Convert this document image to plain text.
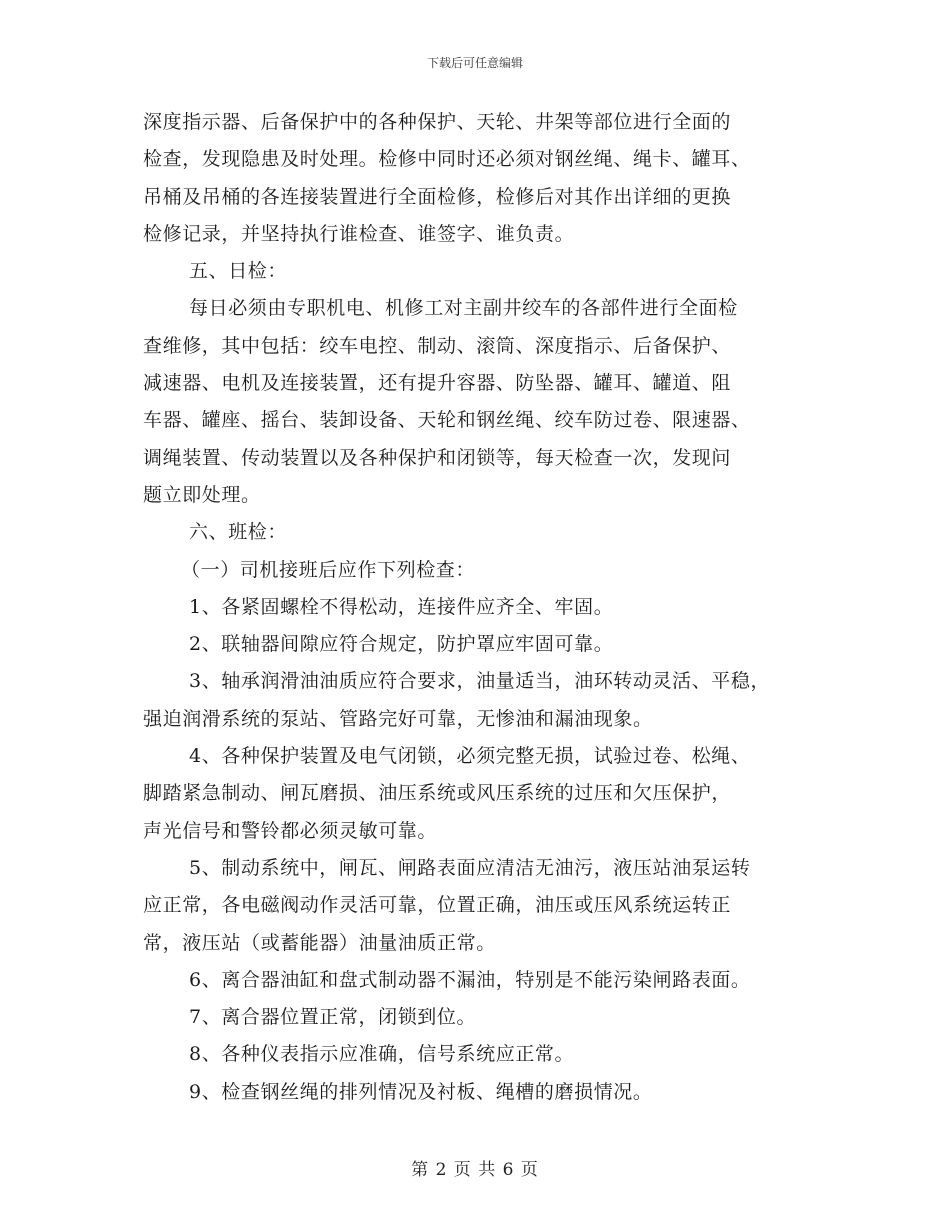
下载后可任意编辑
深度指示器、后备保护中的各种保护、天轮、井架等部位进行全面的
检查，发现隐患及时处理。检修中同时还必须对钢丝绳、绳卡、罐耳、
吊桶及吊桶的各连接装置进行全面检修，检修后对其作出详细的更换
检修记录，并坚持执行谁检查、谁签字、谁负责。
五、日检：
每日必须由专职机电、机修工对主副井绞车的各部件进行全面检
查维修，其中包括：绞车电控、制动、滚筒、深度指示、后备保护、
减速器、电机及连接装置，还有提升容器、防坠器、罐耳、罐道、阻
车器、罐座、摇台、装卸设备、天轮和钢丝绳、绞车防过卷、限速器、
调绳装置、传动装置以及各种保护和闭锁等，每天检查一次，发现问
题立即处理。
六、班检：
（一）司机接班后应作下列检查：
1、各紧固螺栓不得松动，连接件应齐全、牢固。
2、联轴器间隙应符合规定，防护罩应牢固可靠。
3、轴承润滑油油质应符合要求，油量适当，油环转动灵活、平稳，
强迫润滑系统的泵站、管路完好可靠，无惨油和漏油现象。
4、各种保护装置及电气闭锁，必须完整无损，试验过卷、松绳、
脚踏紧急制动、闸瓦磨损、油压系统或风压系统的过压和欠压保护，
声光信号和警铃都必须灵敏可靠。
5、制动系统中，闸瓦、闸路表面应清洁无油污，液压站油泵运转
应正常，各电磁阀动作灵活可靠，位置正确，油压或压风系统运转正
常，液压站（或蓄能器）油量油质正常。
6、离合器油缸和盘式制动器不漏油，特别是不能污染闸路表面。
7、离合器位置正常，闭锁到位。
8、各种仪表指示应准确，信号系统应正常。
9、检查钢丝绳的排列情况及衬板、绳槽的磨损情况。
第 2 页 共 6 页
